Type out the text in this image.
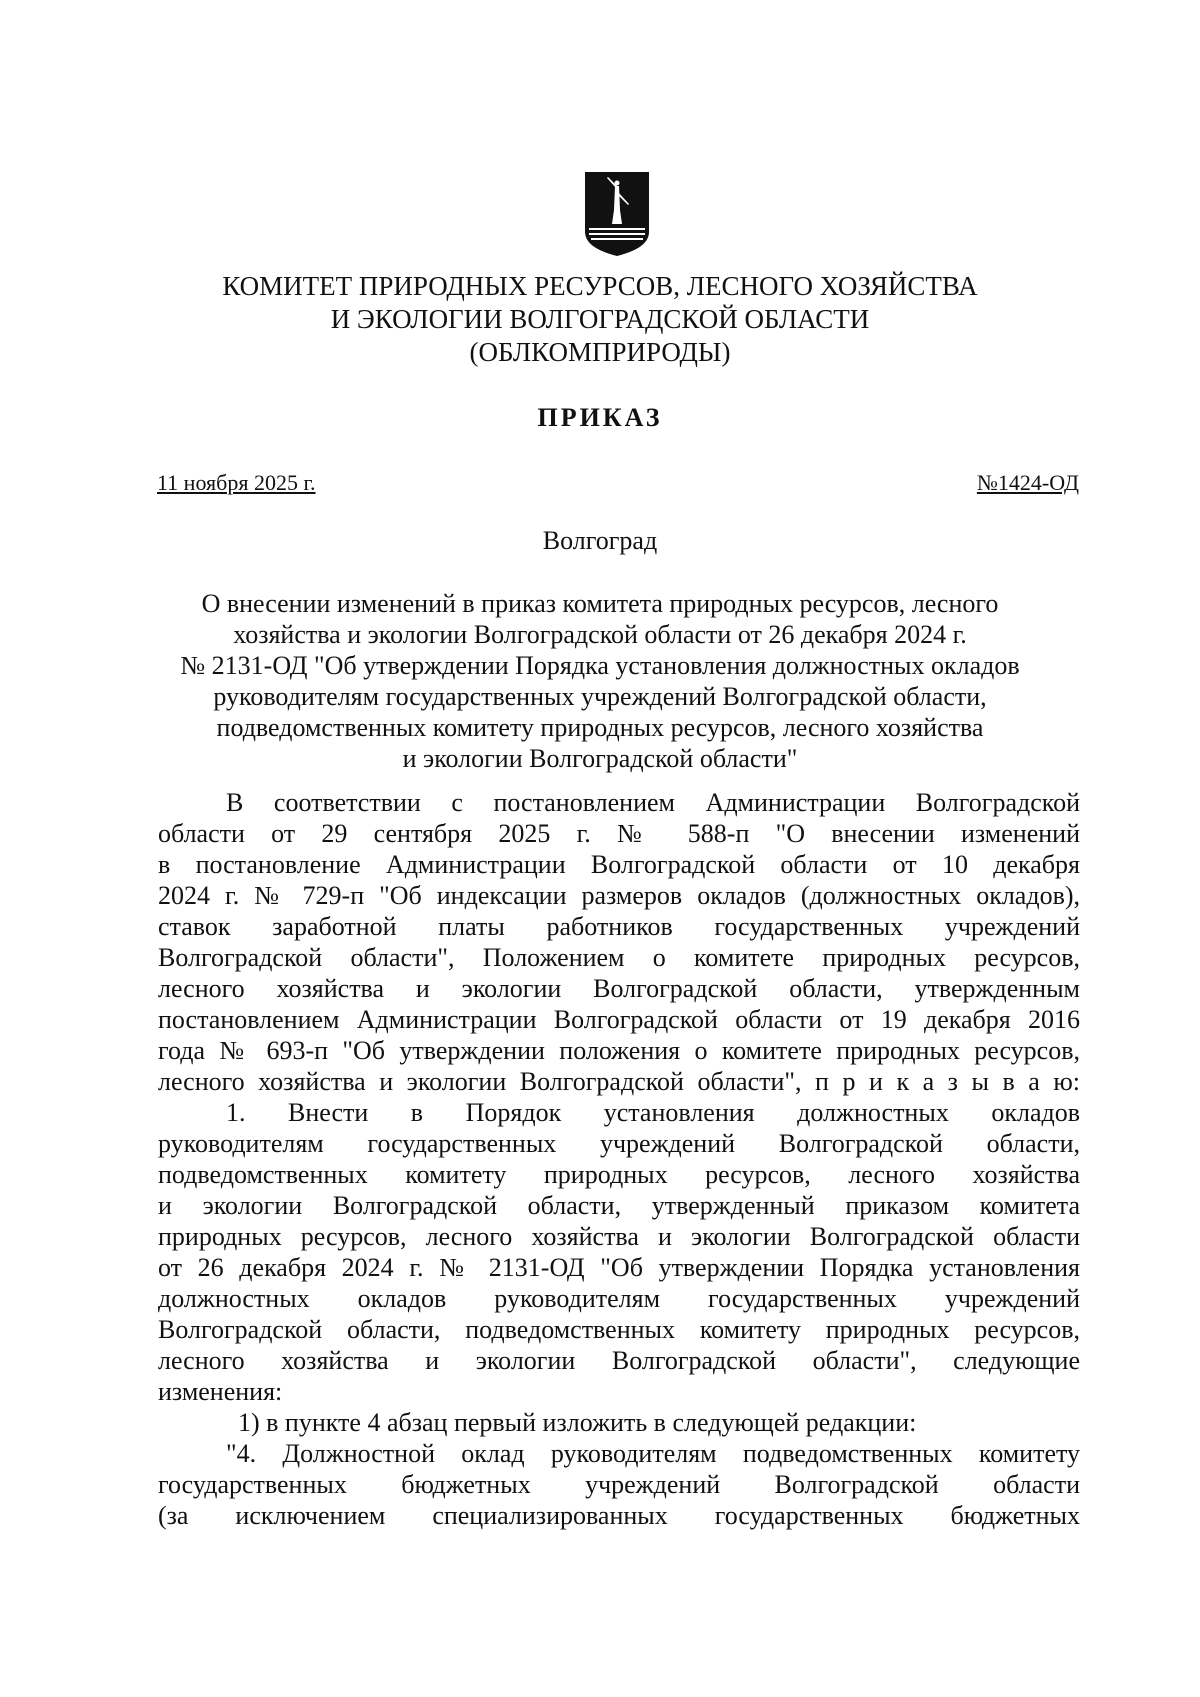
КОМИТЕТ ПРИРОДНЫХ РЕСУРСОВ, ЛЕСНОГО ХОЗЯЙСТВА
И ЭКОЛОГИИ ВОЛГОГРАДСКОЙ ОБЛАСТИ
(ОБЛКОМПРИРОДЫ)
ПРИКАЗ
11 ноября 2025 г.	№1424-ОД
Волгоград
О внесении изменений в приказ комитета природных ресурсов, лесного
хозяйства и экологии Волгоградской области от 26 декабря 2024 г.
№ 2131-ОД "Об утверждении Порядка установления должностных окладов
руководителям государственных учреждений Волгоградской области,
подведомственных комитету природных ресурсов, лесного хозяйства
и экологии Волгоградской области"
В соответствии с постановлением Администрации Волгоградской
области от 29 сентября 2025 г. № 588-п "О внесении изменений
в постановление Администрации Волгоградской области от 10 декабря
2024 г. № 729-п "Об индексации размеров окладов (должностных окладов),
ставок заработной платы работников государственных учреждений
Волгоградской области", Положением о комитете природных ресурсов,
лесного хозяйства и экологии Волгоградской области, утвержденным
постановлением Администрации Волгоградской области от 19 декабря 2016
года № 693-п "Об утверждении положения о комитете природных ресурсов,
лесного хозяйства и экологии Волгоградской области", п р и к а з ы в а ю:
1. Внести в Порядок установления должностных окладов
руководителям государственных учреждений Волгоградской области,
подведомственных комитету природных ресурсов, лесного хозяйства
и экологии Волгоградской области, утвержденный приказом комитета
природных ресурсов, лесного хозяйства и экологии Волгоградской области
от 26 декабря 2024 г. № 2131-ОД "Об утверждении Порядка установления
должностных окладов руководителям государственных учреждений
Волгоградской области, подведомственных комитету природных ресурсов,
лесного хозяйства и экологии Волгоградской области", следующие
изменения:
1) в пункте 4 абзац первый изложить в следующей редакции:
"4. Должностной оклад руководителям подведомственных комитету
государственных бюджетных учреждений Волгоградской области
(за исключением специализированных государственных бюджетных
